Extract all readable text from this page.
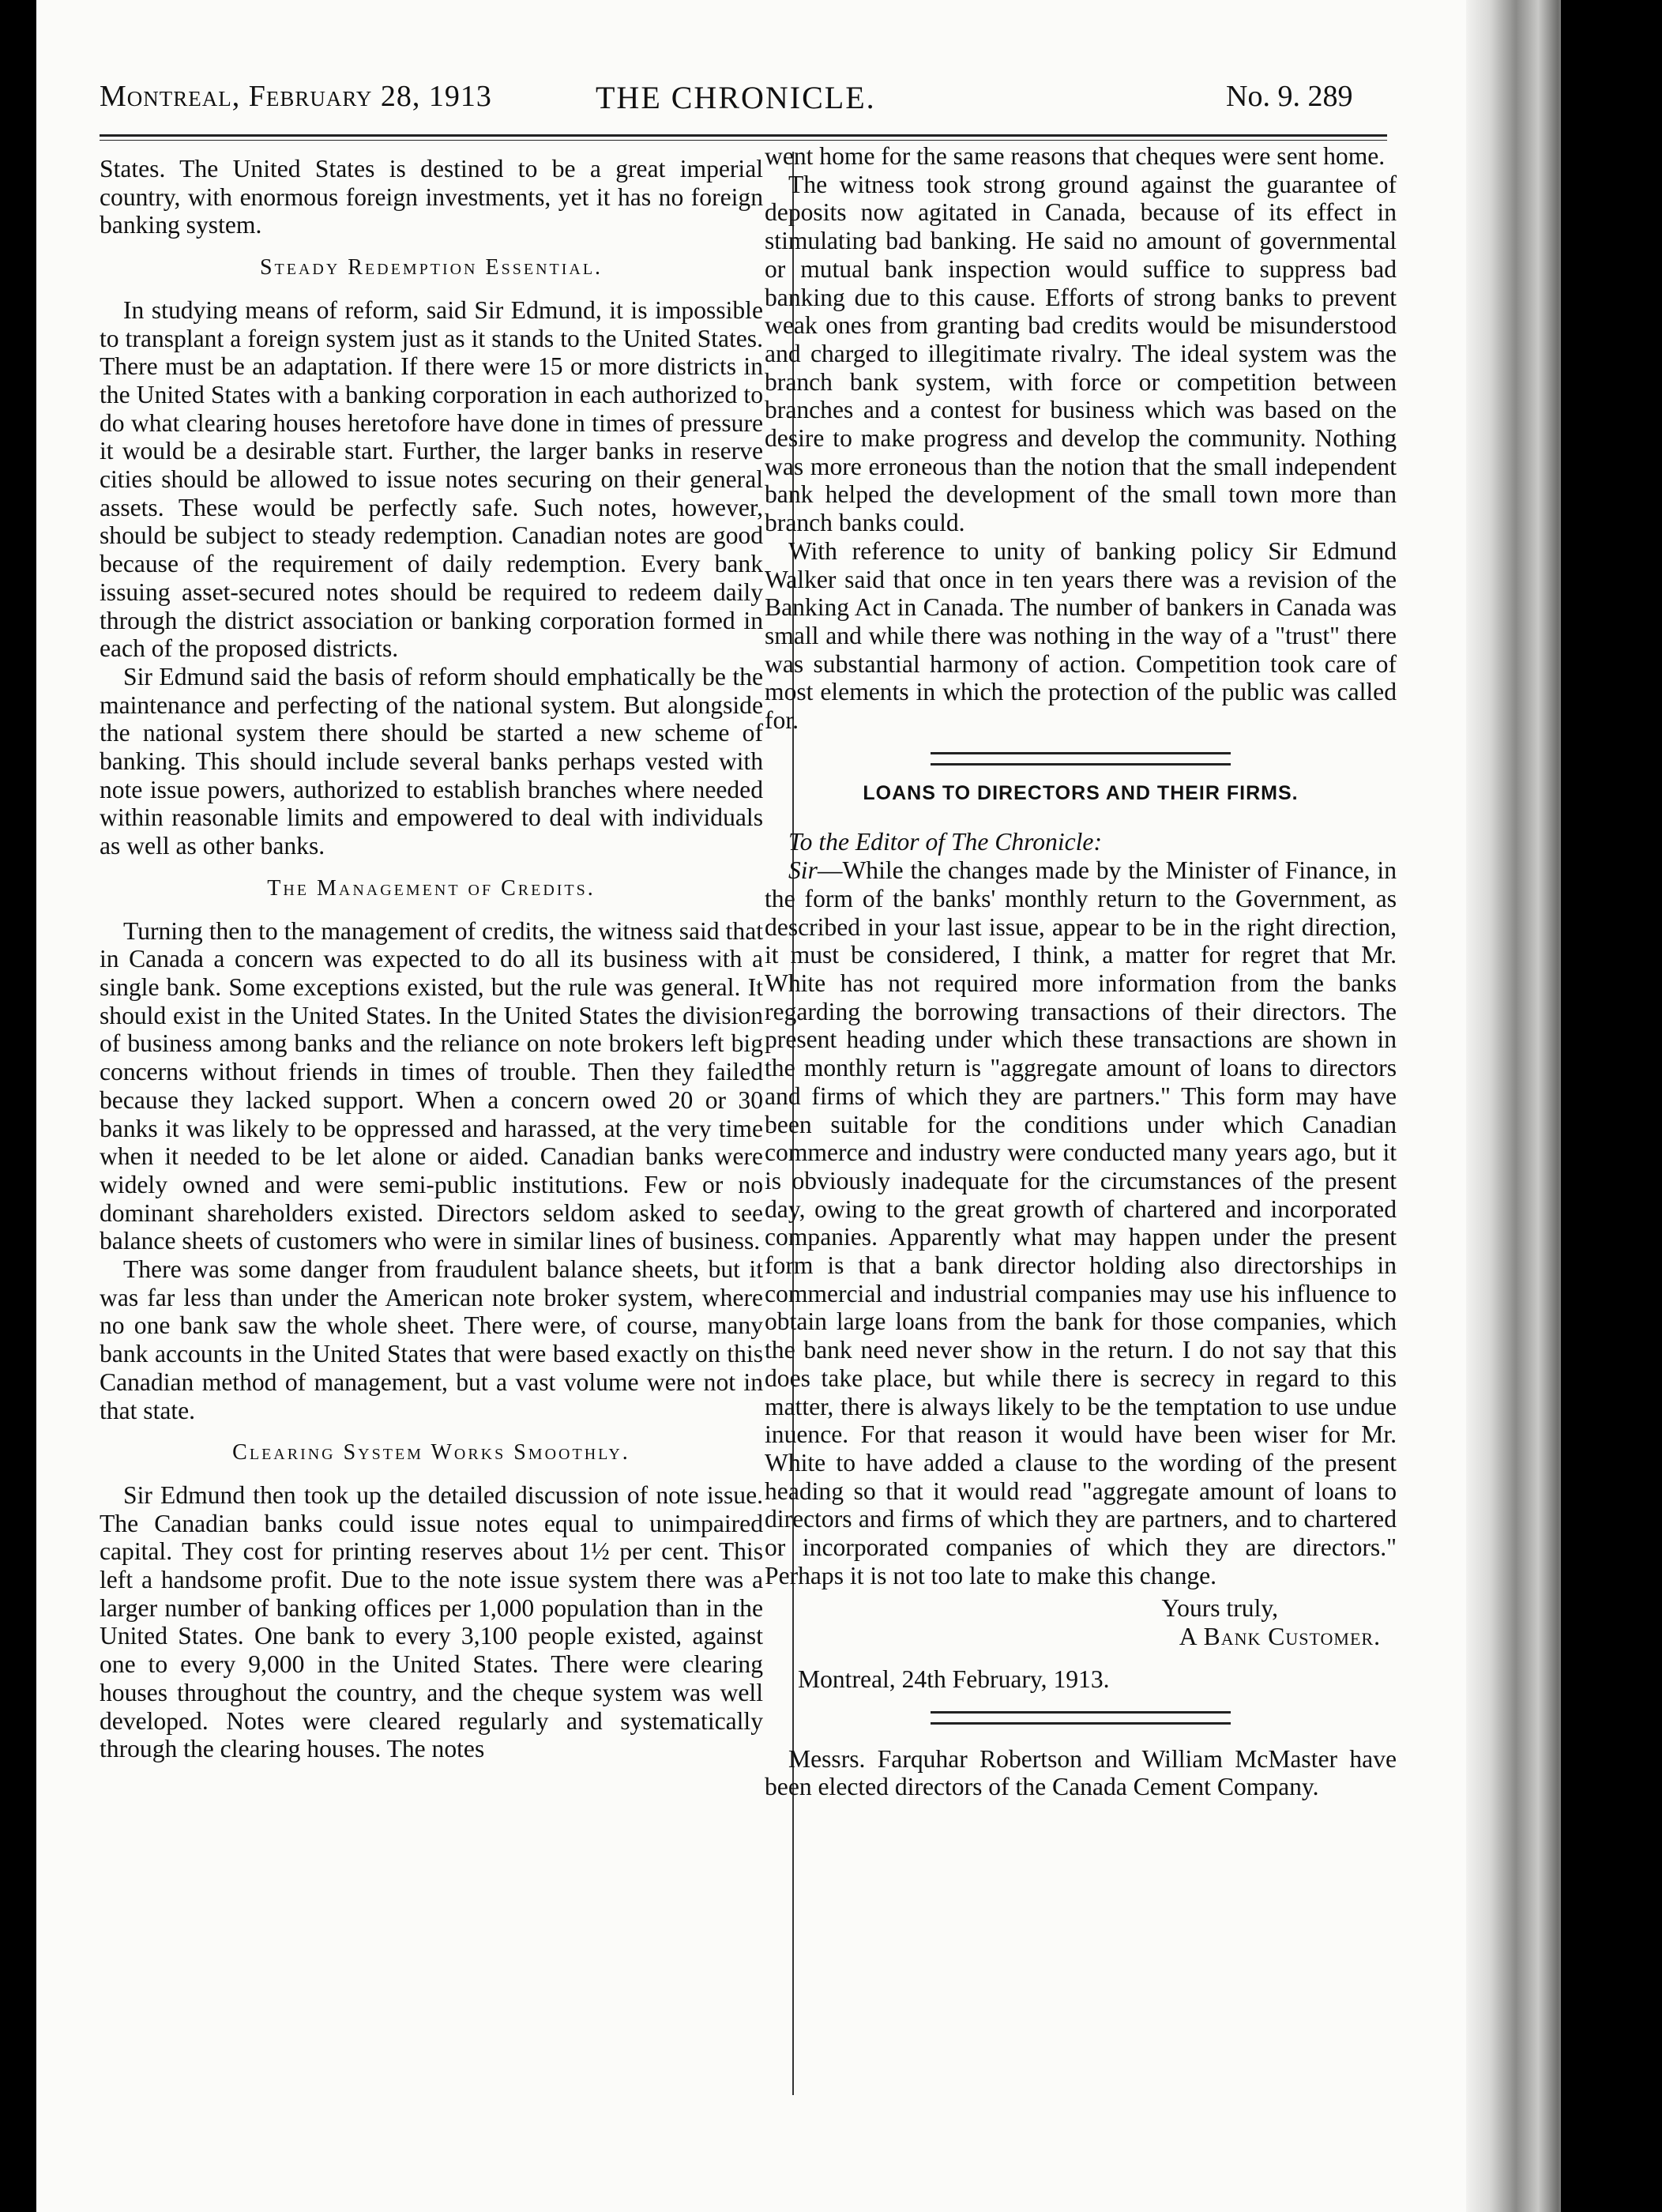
Montreal, February 28, 1913	THE CHRONICLE.	No. 9. 289

States. The United States is destined to be a great imperial country, with enormous foreign investments, yet it has no foreign banking system.

Steady Redemption Essential.

In studying means of reform, said Sir Edmund, it is impossible to transplant a foreign system just as it stands to the United States. There must be an adaptation. If there were 15 or more districts in the United States with a banking corporation in each authorized to do what clearing houses heretofore have done in times of pressure it would be a desirable start. Further, the larger banks in reserve cities should be allowed to issue notes securing on their general assets. These would be perfectly safe. Such notes, however, should be subject to steady redemption. Canadian notes are good because of the requirement of daily redemption. Every bank issuing asset-secured notes should be required to redeem daily through the district association or banking corporation formed in each of the proposed districts.

Sir Edmund said the basis of reform should emphatically be the maintenance and perfecting of the national system. But alongside the national system there should be started a new scheme of banking. This should include several banks perhaps vested with note issue powers, authorized to establish branches where needed within reasonable limits and empowered to deal with individuals as well as other banks.

The Management of Credits.

Turning then to the management of credits, the witness said that in Canada a concern was expected to do all its business with a single bank. Some exceptions existed, but the rule was general. It should exist in the United States. In the United States the division of business among banks and the reliance on note brokers left big concerns without friends in times of trouble. Then they failed because they lacked support. When a concern owed 20 or 30 banks it was likely to be oppressed and harassed, at the very time when it needed to be let alone or aided. Canadian banks were widely owned and were semi-public institutions. Few or no dominant shareholders existed. Directors seldom asked to see balance sheets of customers who were in similar lines of business.

There was some danger from fraudulent balance sheets, but it was far less than under the American note broker system, where no one bank saw the whole sheet. There were, of course, many bank accounts in the United States that were based exactly on this Canadian method of management, but a vast volume were not in that state.

Clearing System Works Smoothly.

Sir Edmund then took up the detailed discussion of note issue. The Canadian banks could issue notes equal to unimpaired capital. They cost for printing reserves about 1½ per cent. This left a handsome profit. Due to the note issue system there was a larger number of banking offices per 1,000 population than in the United States. One bank to every 3,100 people existed, against one to every 9,000 in the United States. There were clearing houses throughout the country, and the cheque system was well developed. Notes were cleared regularly and systematically through the clearing houses. The notes

went home for the same reasons that cheques were sent home.

The witness took strong ground against the guarantee of deposits now agitated in Canada, because of its effect in stimulating bad banking. He said no amount of governmental or mutual bank inspection would suffice to suppress bad banking due to this cause. Efforts of strong banks to prevent weak ones from granting bad credits would be misunderstood and charged to illegitimate rivalry. The ideal system was the branch bank system, with force or competition between branches and a contest for business which was based on the desire to make progress and develop the community. Nothing was more erroneous than the notion that the small independent bank helped the development of the small town more than branch banks could.

With reference to unity of banking policy Sir Edmund Walker said that once in ten years there was a revision of the Banking Act in Canada. The number of bankers in Canada was small and while there was nothing in the way of a "trust" there was substantial harmony of action. Competition took care of most elements in which the protection of the public was called for.

LOANS TO DIRECTORS AND THEIR FIRMS.

To the Editor of The Chronicle:

Sir—While the changes made by the Minister of Finance, in the form of the banks' monthly return to the Government, as described in your last issue, appear to be in the right direction, it must be considered, I think, a matter for regret that Mr. White has not required more information from the banks regarding the borrowing transactions of their directors. The present heading under which these transactions are shown in the monthly return is "aggregate amount of loans to directors and firms of which they are partners." This form may have been suitable for the conditions under which Canadian commerce and industry were conducted many years ago, but it is obviously inadequate for the circumstances of the present day, owing to the great growth of chartered and incorporated companies. Apparently what may happen under the present form is that a bank director holding also directorships in commercial and industrial companies may use his influence to obtain large loans from the bank for those companies, which the bank need never show in the return. I do not say that this does take place, but while there is secrecy in regard to this matter, there is always likely to be the temptation to use undue inuence. For that reason it would have been wiser for Mr. White to have added a clause to the wording of the present heading so that it would read "aggregate amount of loans to directors and firms of which they are partners, and to chartered or incorporated companies of which they are directors." Perhaps it is not too late to make this change.

Yours truly,

A Bank Customer.

Montreal, 24th February, 1913.

Messrs. Farquhar Robertson and William McMaster have been elected directors of the Canada Cement Company.
